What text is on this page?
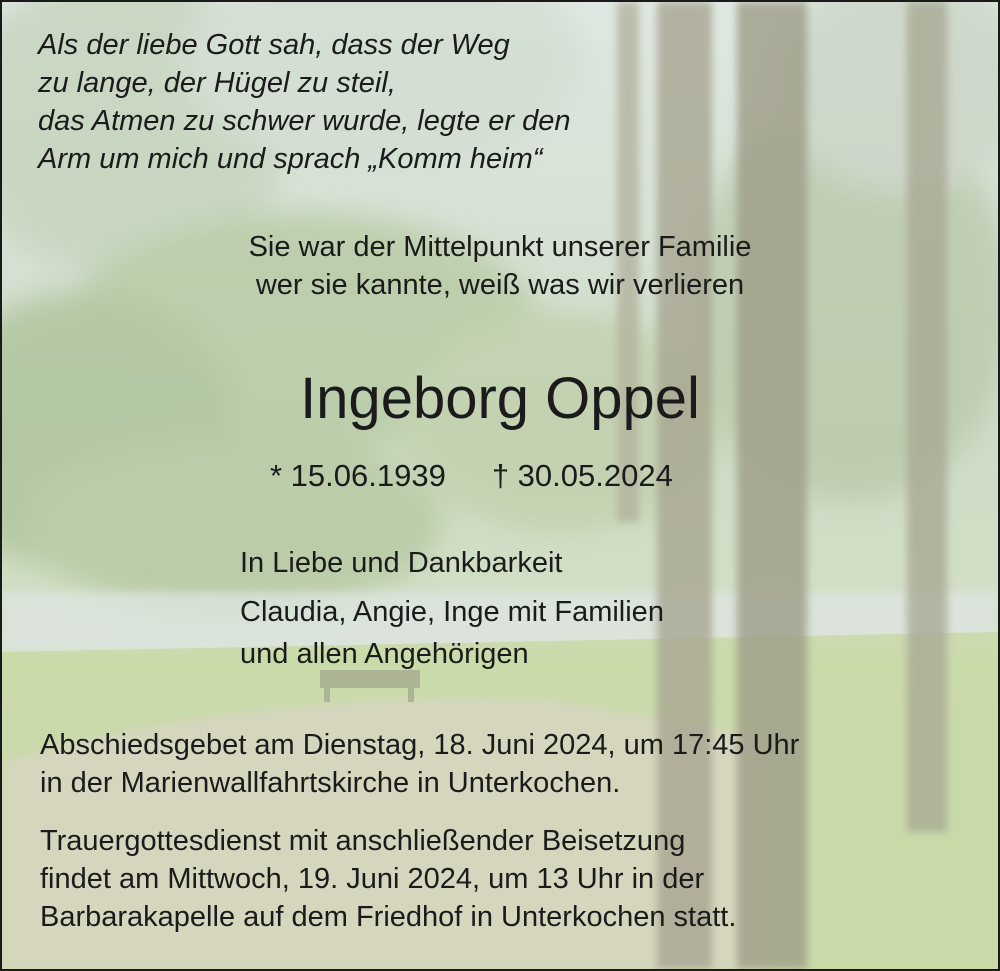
Als der liebe Gott sah, dass der Weg
zu lange, der Hügel zu steil,
das Atmen zu schwer wurde, legte er den
Arm um mich und sprach „Komm heim“
Sie war der Mittelpunkt unserer Familie
wer sie kannte, weiß was wir verlieren
Ingeborg Oppel
* 15.06.1939 † 30.05.2024
In Liebe und Dankbarkeit
Claudia, Angie, Inge mit Familien
und allen Angehörigen
Abschiedsgebet am Dienstag, 18. Juni 2024, um 17:45 Uhr
in der Marienwallfahrtskirche in Unterkochen.
Trauergottesdienst mit anschließender Beisetzung
findet am Mittwoch, 19. Juni 2024, um 13 Uhr in der
Barbarakapelle auf dem Friedhof in Unterkochen statt.
